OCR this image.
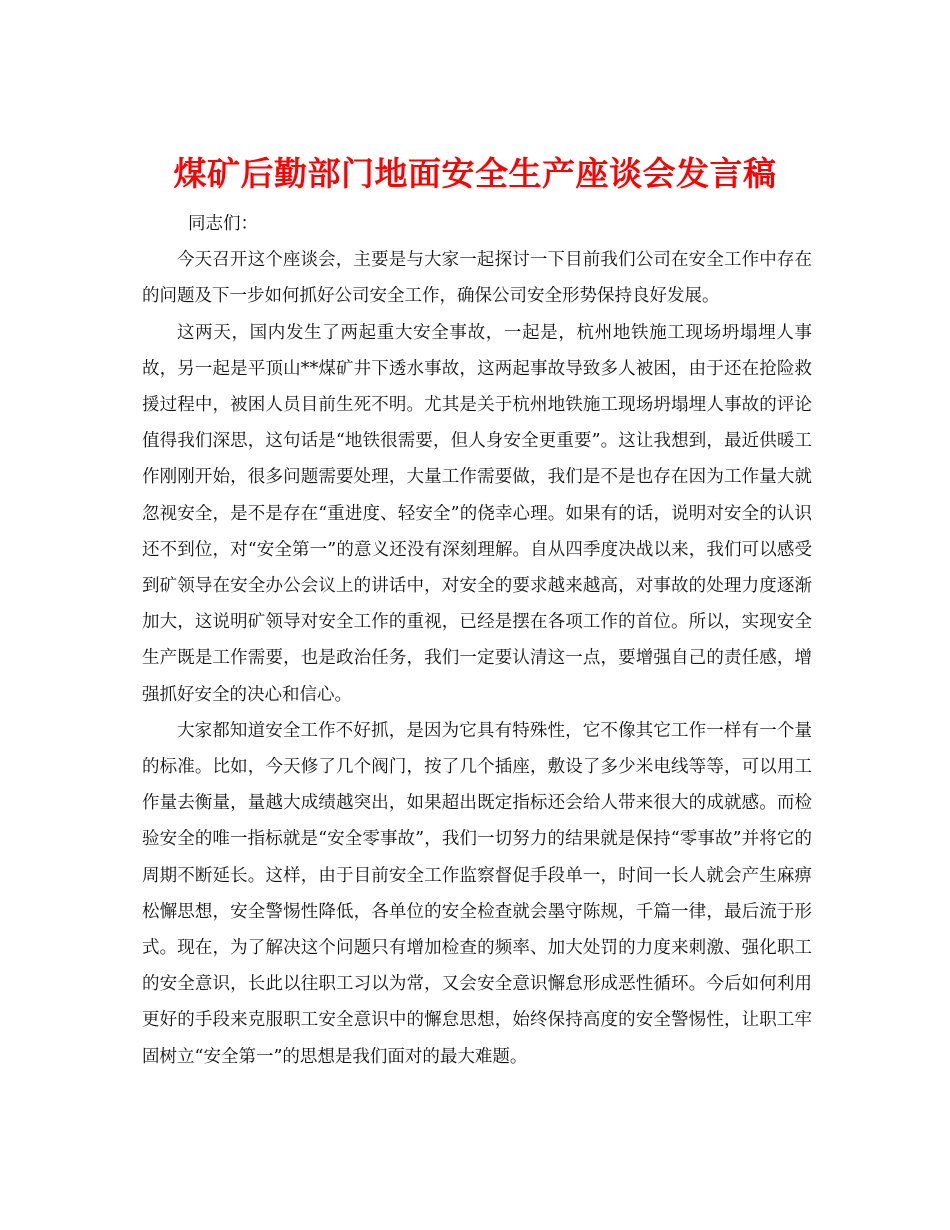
煤矿后勤部门地面安全生产座谈会发言稿

同志们：

今天召开这个座谈会，主要是与大家一起探讨一下目前我们公司在安全工作中存在的问题及下一步如何抓好公司安全工作，确保公司安全形势保持良好发展。

这两天，国内发生了两起重大安全事故，一起是，杭州地铁施工现场坍塌埋人事故，另一起是平顶山**煤矿井下透水事故，这两起事故导致多人被困，由于还在抢险救援过程中，被困人员目前生死不明。尤其是关于杭州地铁施工现场坍塌埋人事故的评论值得我们深思，这句话是“地铁很需要，但人身安全更重要”。这让我想到，最近供暖工作刚刚开始，很多问题需要处理，大量工作需要做，我们是不是也存在因为工作量大就忽视安全，是不是存在“重进度、轻安全”的侥幸心理。如果有的话，说明对安全的认识还不到位，对“安全第一”的意义还没有深刻理解。自从四季度决战以来，我们可以感受到矿领导在安全办公会议上的讲话中，对安全的要求越来越高，对事故的处理力度逐渐加大，这说明矿领导对安全工作的重视，已经是摆在各项工作的首位。所以，实现安全生产既是工作需要，也是政治任务，我们一定要认清这一点，要增强自己的责任感，增强抓好安全的决心和信心。

大家都知道安全工作不好抓，是因为它具有特殊性，它不像其它工作一样有一个量的标准。比如，今天修了几个阀门，按了几个插座，敷设了多少米电线等等，可以用工作量去衡量，量越大成绩越突出，如果超出既定指标还会给人带来很大的成就感。而检验安全的唯一指标就是“安全零事故”，我们一切努力的结果就是保持“零事故”并将它的周期不断延长。这样，由于目前安全工作监察督促手段单一，时间一长人就会产生麻痹松懈思想，安全警惕性降低，各单位的安全检查就会墨守陈规，千篇一律，最后流于形式。现在，为了解决这个问题只有增加检查的频率、加大处罚的力度来刺激、强化职工的安全意识，长此以往职工习以为常，又会安全意识懈怠形成恶性循环。今后如何利用更好的手段来克服职工安全意识中的懈怠思想，始终保持高度的安全警惕性，让职工牢固树立“安全第一”的思想是我们面对的最大难题。
